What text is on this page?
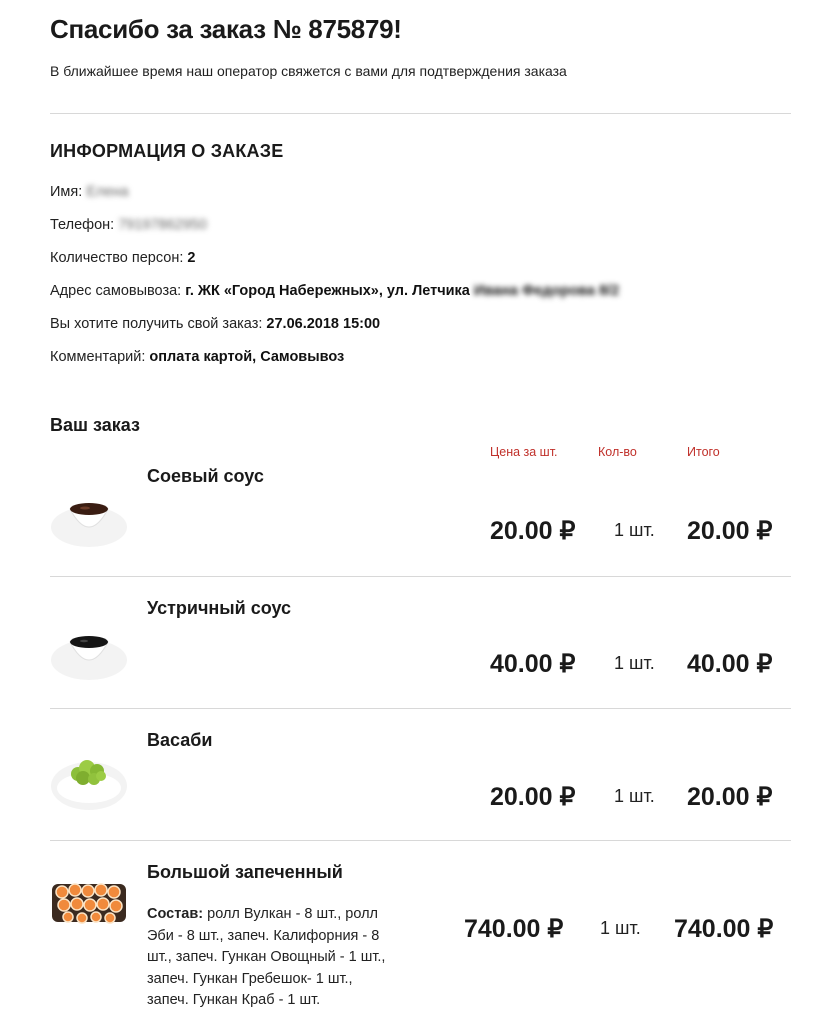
Спасибо за заказ № 875879!
В ближайшее время наш оператор свяжется с вами для подтверждения заказа
ИНФОРМАЦИЯ О ЗАКАЗЕ
Имя: Елена
Телефон: 79197862950
Количество персон: 2
Адрес самовывоза: г. ЖК «Город Набережных», ул. Летчика Ивана Федорова 8/2
Вы хотите получить свой заказ: 27.06.2018 15:00
Комментарий: оплата картой, Самовывоз
Ваш заказ
Цена за шт.	Кол-во	Итого
Соевый соус
20.00 ₽ 1 шт. 20.00 ₽
Устричный соус
40.00 ₽ 1 шт. 40.00 ₽
Васаби
20.00 ₽ 1 шт. 20.00 ₽
Большой запеченный
Состав: ролл Вулкан - 8 шт., ролл Эби - 8 шт., запеч. Калифорния - 8 шт., запеч. Гункан Овощный - 1 шт., запеч. Гункан Гребешок- 1 шт., запеч. Гункан Краб - 1 шт.
740.00 ₽ 1 шт. 740.00 ₽
